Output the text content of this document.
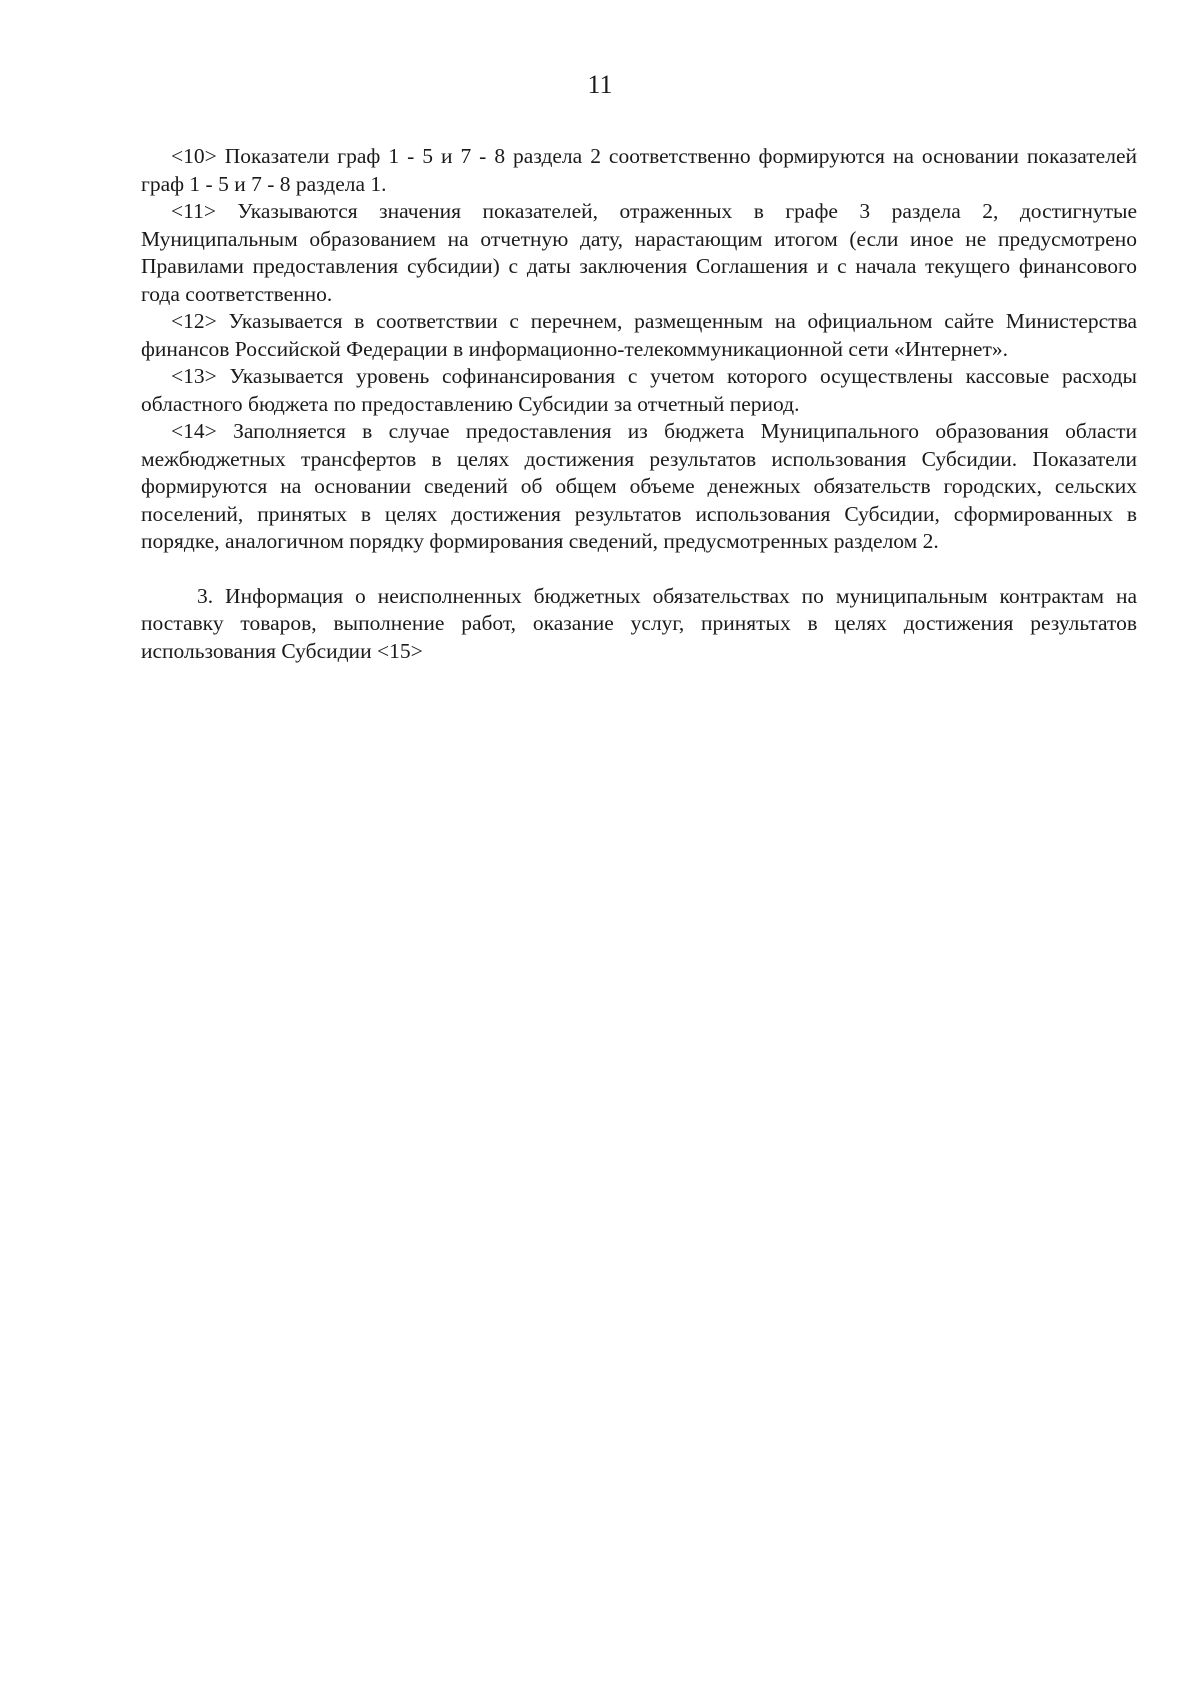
11

<10> Показатели граф 1 - 5 и 7 - 8 раздела 2 соответственно формируются на основании показателей граф 1 - 5 и 7 - 8 раздела 1.

<11> Указываются значения показателей, отраженных в графе 3 раздела 2, достигнутые Муниципальным образованием на отчетную дату, нарастающим итогом (если иное не предусмотрено Правилами предоставления субсидии) с даты заключения Соглашения и с начала текущего финансового года соответственно.

<12> Указывается в соответствии с перечнем, размещенным на официальном сайте Министерства финансов Российской Федерации в информационно-телекоммуникационной сети «Интернет».

<13> Указывается уровень софинансирования с учетом которого осуществлены кассовые расходы областного бюджета по предоставлению Субсидии за отчетный период.

<14> Заполняется в случае предоставления из бюджета Муниципального образования области межбюджетных трансфертов в целях достижения результатов использования Субсидии. Показатели формируются на основании сведений об общем объеме денежных обязательств городских, сельских поселений, принятых в целях достижения результатов использования Субсидии, сформированных в порядке, аналогичном порядку формирования сведений, предусмотренных разделом 2.

3. Информация о неисполненных бюджетных обязательствах по муниципальным контрактам на поставку товаров, выполнение работ, оказание услуг, принятых в целях достижения результатов использования Субсидии <15>
